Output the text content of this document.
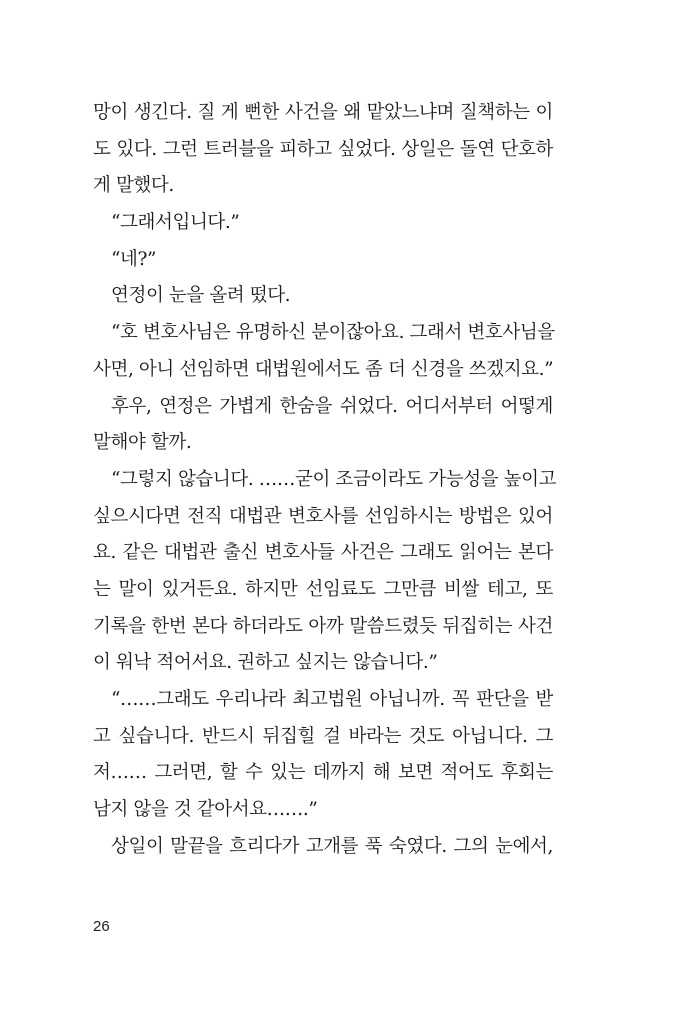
망이 생긴다. 질 게 뻔한 사건을 왜 맡았느냐며 질책하는 이
도 있다. 그런 트러블을 피하고 싶었다. 상일은 돌연 단호하
게 말했다.
“그래서입니다.”
“네?”
연정이 눈을 올려 떴다.
“호 변호사님은 유명하신 분이잖아요. 그래서 변호사님을
사면, 아니 선임하면 대법원에서도 좀 더 신경을 쓰겠지요.”
후우, 연정은 가볍게 한숨을 쉬었다. 어디서부터 어떻게
말해야 할까.
“그렇지 않습니다. ……굳이 조금이라도 가능성을 높이고
싶으시다면 전직 대법관 변호사를 선임하시는 방법은 있어
요. 같은 대법관 출신 변호사들 사건은 그래도 읽어는 본다
는 말이 있거든요. 하지만 선임료도 그만큼 비쌀 테고, 또
기록을 한번 본다 하더라도 아까 말씀드렸듯 뒤집히는 사건
이 워낙 적어서요. 권하고 싶지는 않습니다.”
“……그래도 우리나라 최고법원 아닙니까. 꼭 판단을 받
고 싶습니다. 반드시 뒤집힐 걸 바라는 것도 아닙니다. 그
저…… 그러면, 할 수 있는 데까지 해 보면 적어도 후회는
남지 않을 것 같아서요…….”
상일이 말끝을 흐리다가 고개를 푹 숙였다. 그의 눈에서,
26
